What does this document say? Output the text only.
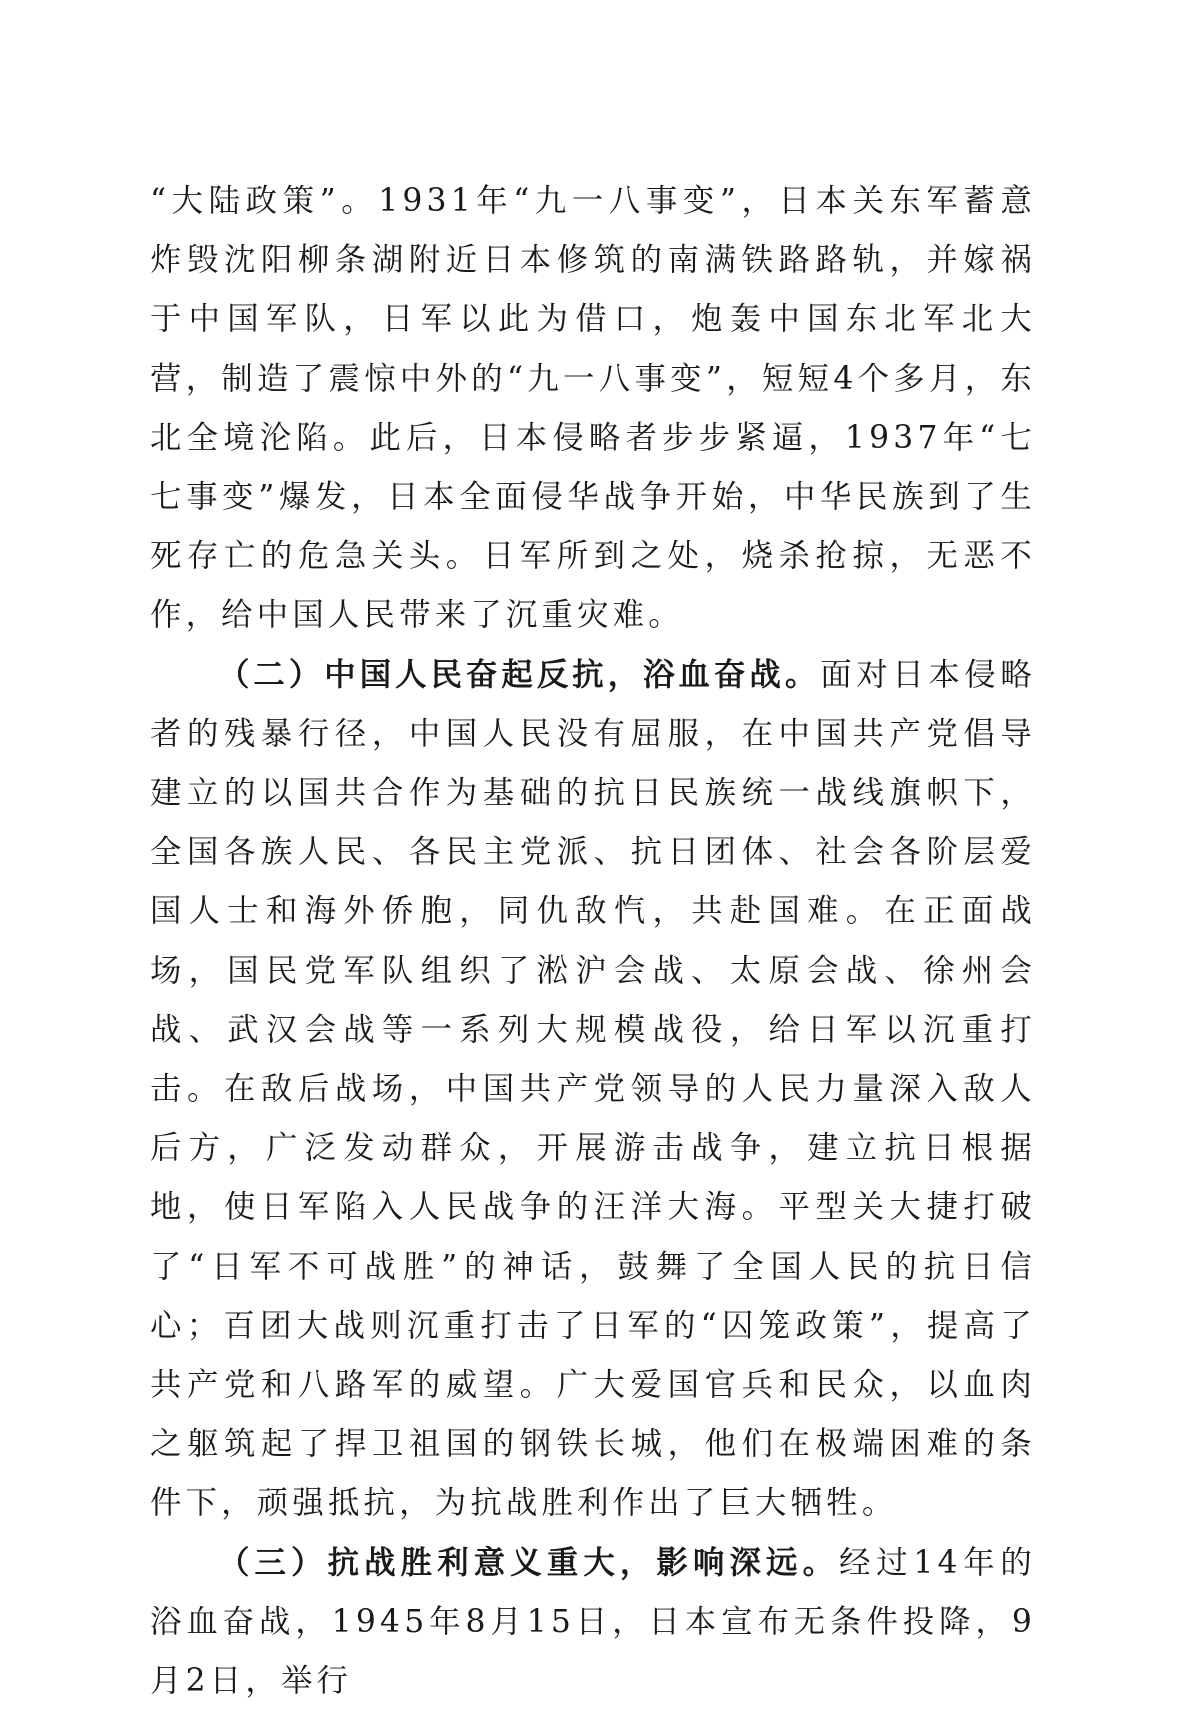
“大陆政策”。1931年“九一八事变”，日本关东军蓄意炸毁沈阳柳条湖附近日本修筑的南满铁路路轨，并嫁祸于中国军队，日军以此为借口，炮轰中国东北军北大营，制造了震惊中外的“九一八事变”，短短4个多月，东北全境沦陷。此后，日本侵略者步步紧逼，1937年“七七事变”爆发，日本全面侵华战争开始，中华民族到了生死存亡的危急关头。日军所到之处，烧杀抢掠，无恶不作，给中国人民带来了沉重灾难。

（二）中国人民奋起反抗，浴血奋战。面对日本侵略者的残暴行径，中国人民没有屈服，在中国共产党倡导建立的以国共合作为基础的抗日民族统一战线旗帜下，全国各族人民、各民主党派、抗日团体、社会各阶层爱国人士和海外侨胞，同仇敌忾，共赴国难。在正面战场，国民党军队组织了淞沪会战、太原会战、徐州会战、武汉会战等一系列大规模战役，给日军以沉重打击。在敌后战场，中国共产党领导的人民力量深入敌人后方，广泛发动群众，开展游击战争，建立抗日根据地，使日军陷入人民战争的汪洋大海。平型关大捷打破了“日军不可战胜”的神话，鼓舞了全国人民的抗日信心；百团大战则沉重打击了日军的“囚笼政策”，提高了共产党和八路军的威望。广大爱国官兵和民众，以血肉之躯筑起了捍卫祖国的钢铁长城，他们在极端困难的条件下，顽强抵抗，为抗战胜利作出了巨大牺牲。

（三）抗战胜利意义重大，影响深远。经过14年的浴血奋战，1945年8月15日，日本宣布无条件投降，9月2日，举行
